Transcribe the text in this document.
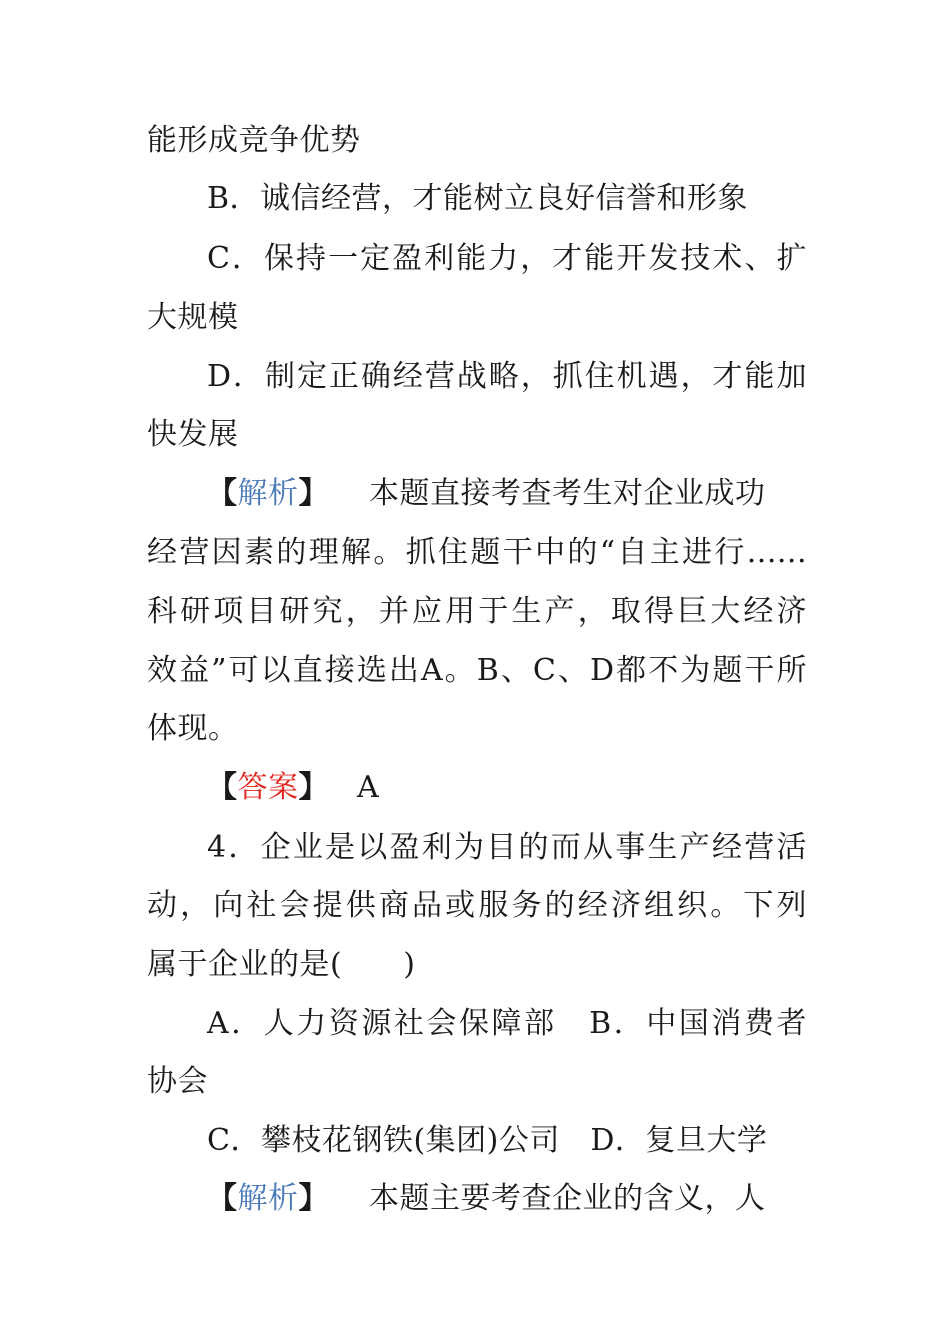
能形成竞争优势
B．诚信经营，才能树立良好信誉和形象
C．保持一定盈利能力，才能开发技术、扩
大规模
D．制定正确经营战略，抓住机遇，才能加
快发展
【解析】 本题直接考查考生对企业成功
经营因素的理解。抓住题干中的“自主进行......
科研项目研究，并应用于生产，取得巨大经济
效益”可以直接选出A。B、C、D都不为题干所
体现。
【答案】 A
4．企业是以盈利为目的而从事生产经营活
动，向社会提供商品或服务的经济组织。下列
属于企业的是(　　)
A．人力资源社会保障部　B．中国消费者
协会
C．攀枝花钢铁(集团)公司　D．复旦大学
【解析】 本题主要考查企业的含义，人
